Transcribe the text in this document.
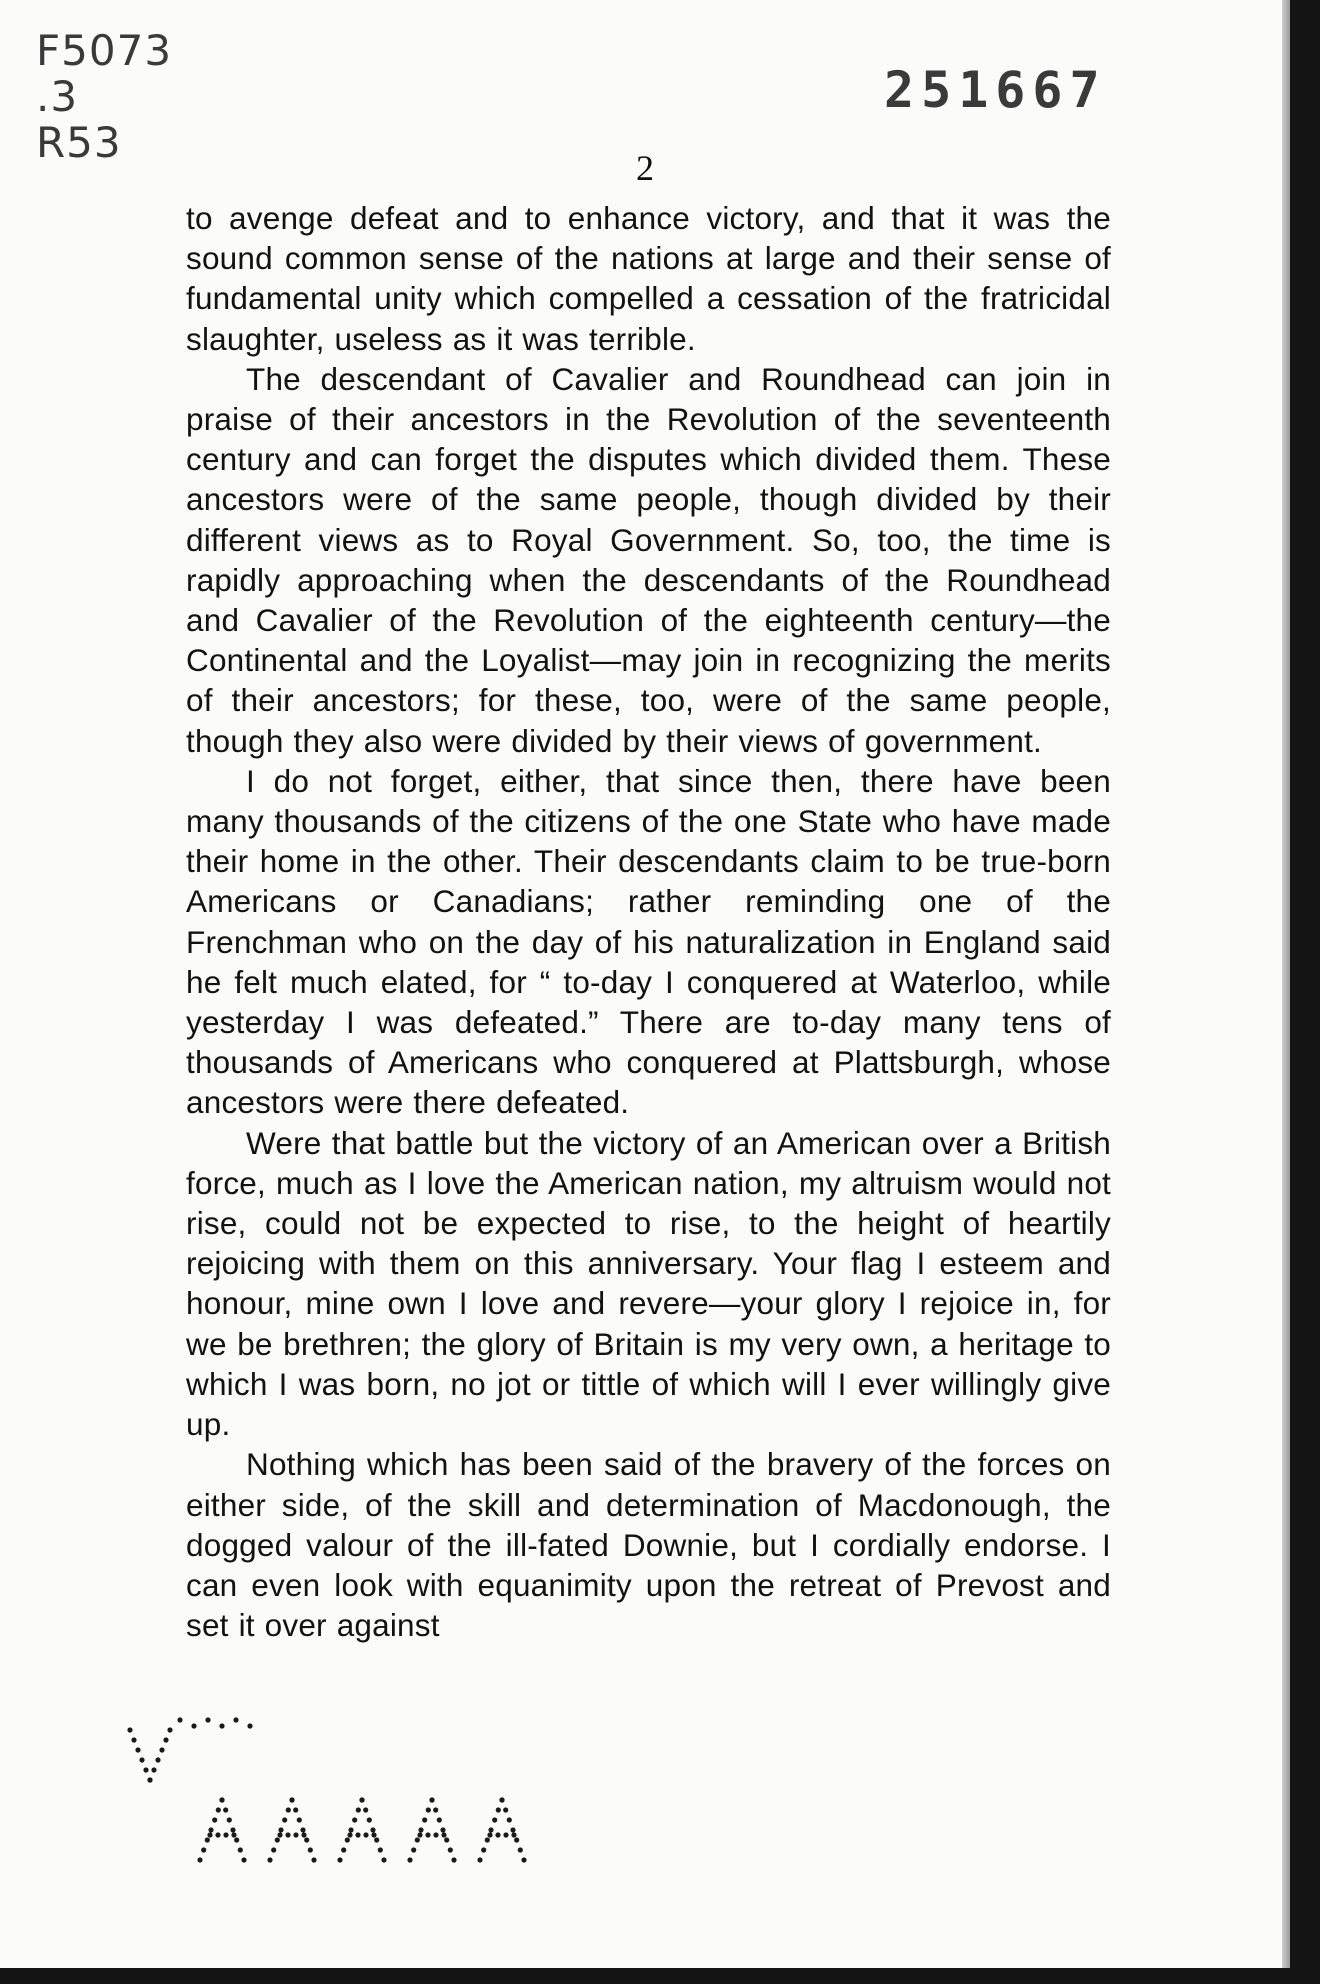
F5073
.3
R53
251667
2

to avenge defeat and to enhance victory, and that it was the sound common sense of the nations at large and their sense of fundamental unity which compelled a cessation of the fratricidal slaughter, useless as it was terrible.

The descendant of Cavalier and Roundhead can join in praise of their ancestors in the Revolution of the seventeenth century and can forget the disputes which divided them. These ancestors were of the same people, though divided by their different views as to Royal Government. So, too, the time is rapidly approaching when the descendants of the Roundhead and Cavalier of the Revolution of the eighteenth century—the Continental and the Loyalist—may join in recognizing the merits of their ancestors; for these, too, were of the same people, though they also were divided by their views of government.

I do not forget, either, that since then, there have been many thousands of the citizens of the one State who have made their home in the other. Their descendants claim to be true-born Americans or Canadians; rather reminding one of the Frenchman who on the day of his naturalization in England said he felt much elated, for “ to-day I conquered at Waterloo, while yesterday I was defeated.” There are to-day many tens of thousands of Americans who conquered at Plattsburgh, whose ancestors were there defeated.

Were that battle but the victory of an American over a British force, much as I love the American nation, my altruism would not rise, could not be expected to rise, to the height of heartily rejoicing with them on this anniversary. Your flag I esteem and honour, mine own I love and revere—your glory I rejoice in, for we be brethren; the glory of Britain is my very own, a heritage to which I was born, no jot or tittle of which will I ever willingly give up.

Nothing which has been said of the bravery of the forces on either side, of the skill and determination of Macdonough, the dogged valour of the ill-fated Downie, but I cordially endorse. I can even look with equanimity upon the retreat of Prevost and set it over against
